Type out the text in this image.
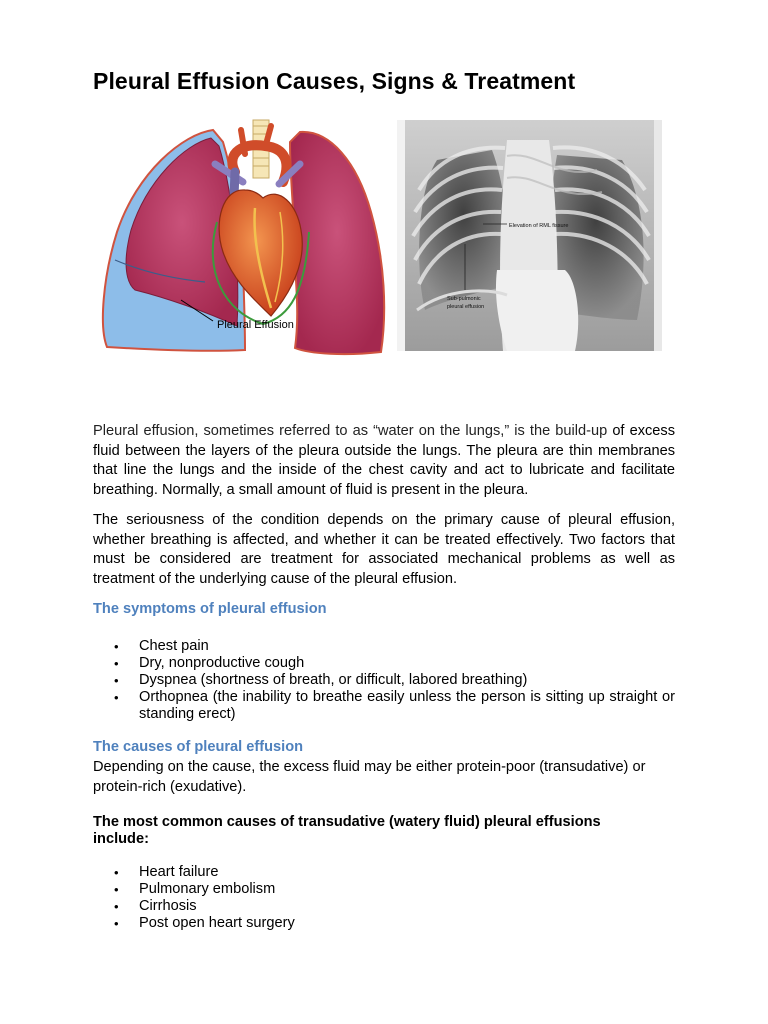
Pleural Effusion Causes, Signs & Treatment
Pleural Effusion
Elevation of RML fissure
Sub-pulmonic
pleural effusion

Pleural effusion, sometimes referred to as “water on the lungs,” is the build-up of excess fluid between the layers of the pleura outside the lungs. The pleura are thin membranes that line the lungs and the inside of the chest cavity and act to lubricate and facilitate breathing. Normally, a small amount of fluid is present in the pleura.

The seriousness of the condition depends on the primary cause of pleural effusion, whether breathing is affected, and whether it can be treated effectively. Two factors that must be considered are treatment for associated mechanical problems as well as treatment of the underlying cause of the pleural effusion.

The symptoms of pleural effusion
• Chest pain
• Dry, nonproductive cough
• Dyspnea (shortness of breath, or difficult, labored breathing)
• Orthopnea (the inability to breathe easily unless the person is sitting up straight or standing erect)
The causes of pleural effusion

Depending on the cause, the excess fluid may be either protein-poor (transudative) or protein-rich (exudative).

The most common causes of transudative (watery fluid) pleural effusions include:
• Heart failure
• Pulmonary embolism
• Cirrhosis
• Post open heart surgery
